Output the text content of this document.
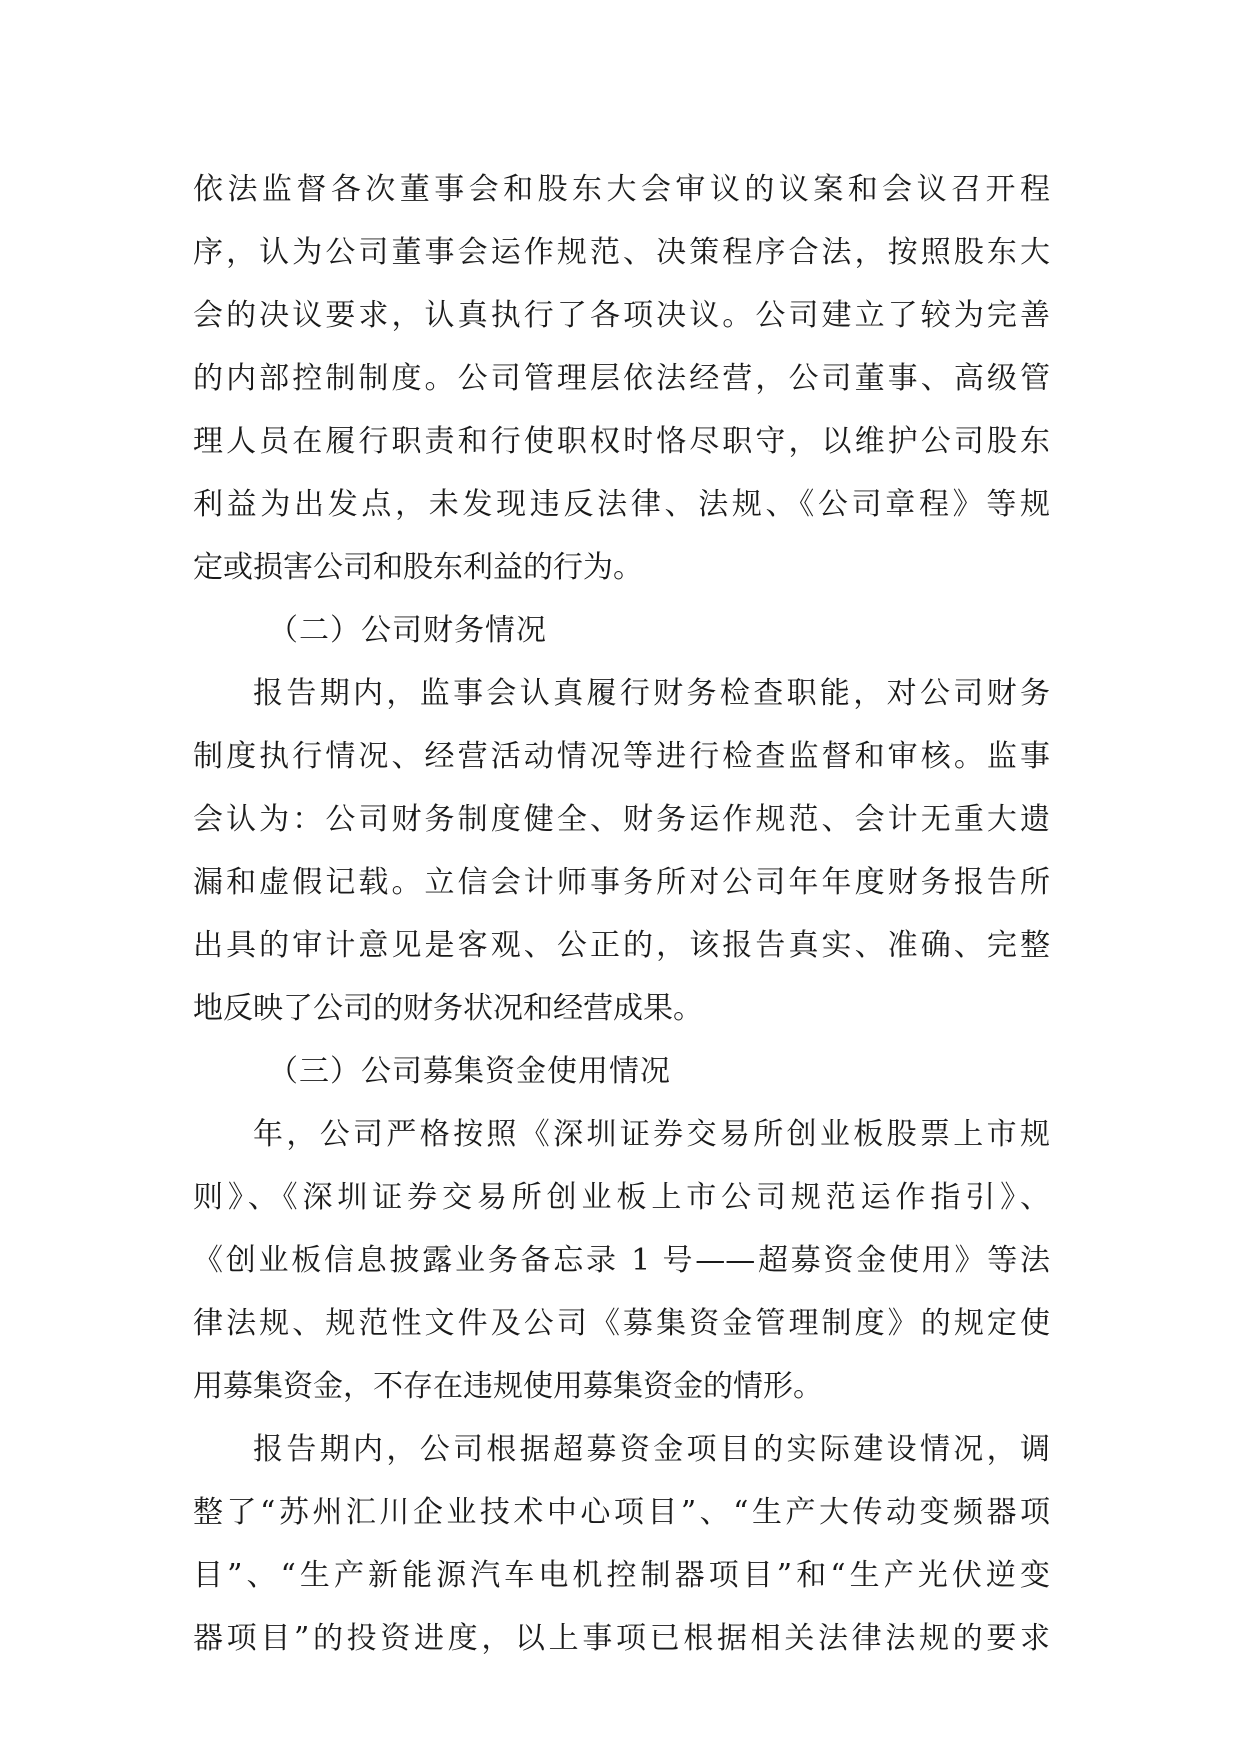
依法监督各次董事会和股东大会审议的议案和会议召开程
序，认为公司董事会运作规范、决策程序合法，按照股东大
会的决议要求，认真执行了各项决议。公司建立了较为完善
的内部控制制度。公司管理层依法经营，公司董事、高级管
理人员在履行职责和行使职权时恪尽职守，以维护公司股东
利益为出发点，未发现违反法律、法规、《公司章程》等规
定或损害公司和股东利益的行为。
（二）公司财务情况
报告期内，监事会认真履行财务检查职能，对公司财务
制度执行情况、经营活动情况等进行检查监督和审核。监事
会认为：公司财务制度健全、财务运作规范、会计无重大遗
漏和虚假记载。立信会计师事务所对公司年年度财务报告所
出具的审计意见是客观、公正的，该报告真实、准确、完整
地反映了公司的财务状况和经营成果。
（三）公司募集资金使用情况
年，公司严格按照《深圳证券交易所创业板股票上市规
则》、《深圳证券交易所创业板上市公司规范运作指引》、
《创业板信息披露业务备忘录 1 号——超募资金使用》等法
律法规、规范性文件及公司《募集资金管理制度》的规定使
用募集资金，不存在违规使用募集资金的情形。
报告期内，公司根据超募资金项目的实际建设情况，调
整了“苏州汇川企业技术中心项目”、“生产大传动变频器项
目”、“生产新能源汽车电机控制器项目”和“生产光伏逆变
器项目”的投资进度，以上事项已根据相关法律法规的要求
